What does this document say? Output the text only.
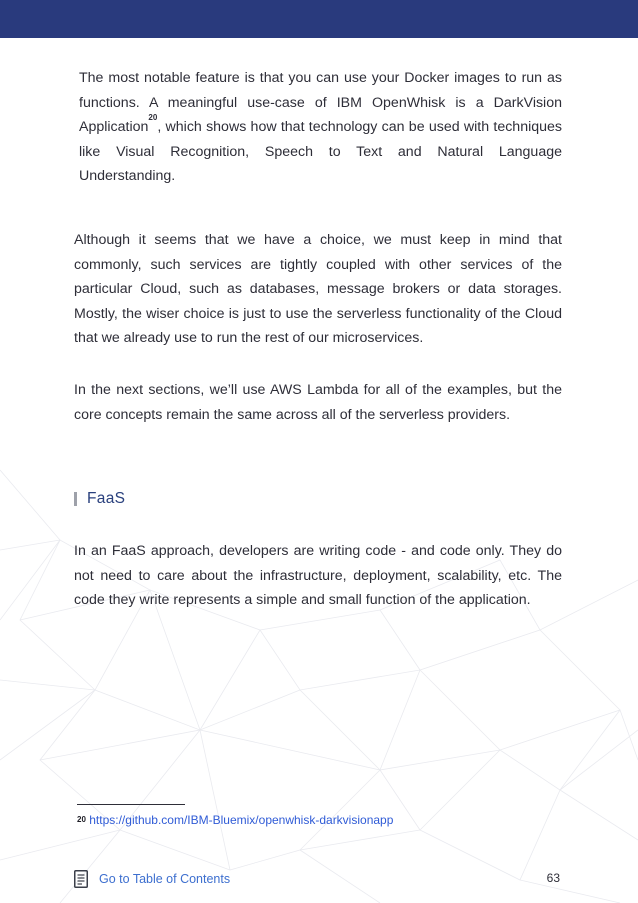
The most notable feature is that you can use your Docker images to run as functions. A meaningful use-case of IBM OpenWhisk is a DarkVision Application$^{20}$, which shows how that technology can be used with techniques like Visual Recognition, Speech to Text and Natural Language Understanding.

Although it seems that we have a choice, we must keep in mind that commonly, such services are tightly coupled with other services of the particular Cloud, such as databases, message brokers or data storages. Mostly, the wiser choice is just to use the serverless functionality of the Cloud that we already use to run the rest of our microservices.

In the next sections, we’ll use AWS Lambda for all of the examples, but the core concepts remain the same across all of the serverless providers.

FaaS

In an FaaS approach, developers are writing code - and code only. They do not need to care about the infrastructure, deployment, scalability, etc. The code they write represents a simple and small function of the application.

$^{20}$ https://github.com/IBM-Bluemix/openwhisk-darkvisionapp
Go to Table of Contents	63
